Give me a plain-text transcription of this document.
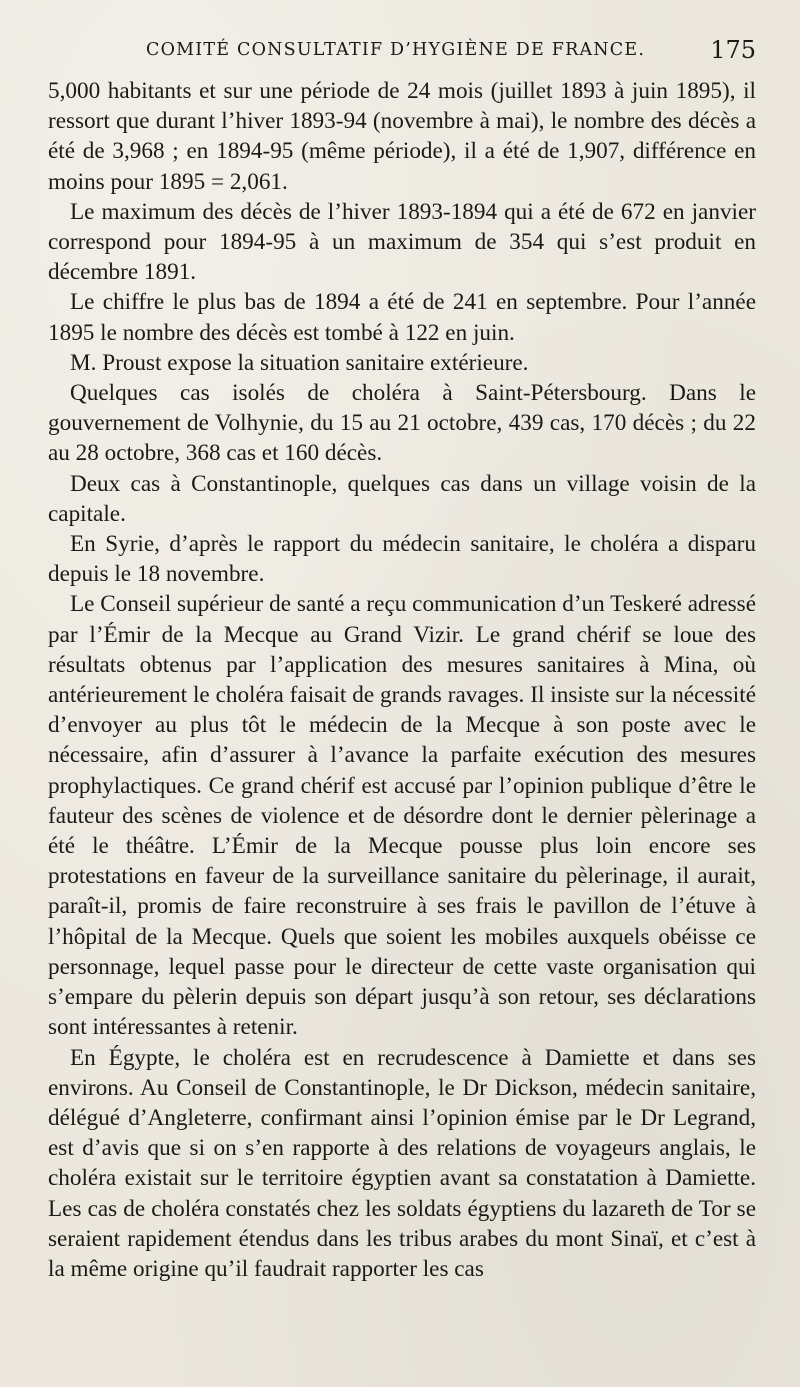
COMITÉ CONSULTATIF D’HYGIÈNE DE FRANCE.	175

5,000 habitants et sur une période de 24 mois (juillet 1893 à juin 1895), il ressort que durant l’hiver 1893-94 (novembre à mai), le nombre des décès a été de 3,968 ; en 1894-95 (même période), il a été de 1,907, différence en moins pour 1895 = 2,061.

Le maximum des décès de l’hiver 1893-1894 qui a été de 672 en janvier correspond pour 1894-95 à un maximum de 354 qui s’est produit en décembre 1891.

Le chiffre le plus bas de 1894 a été de 241 en septembre. Pour l’année 1895 le nombre des décès est tombé à 122 en juin.

M. Proust expose la situation sanitaire extérieure.

Quelques cas isolés de choléra à Saint-Pétersbourg. Dans le gouvernement de Volhynie, du 15 au 21 octobre, 439 cas, 170 décès ; du 22 au 28 octobre, 368 cas et 160 décès.

Deux cas à Constantinople, quelques cas dans un village voisin de la capitale.

En Syrie, d’après le rapport du médecin sanitaire, le choléra a disparu depuis le 18 novembre.

Le Conseil supérieur de santé a reçu communication d’un Teskeré adressé par l’Émir de la Mecque au Grand Vizir. Le grand chérif se loue des résultats obtenus par l’application des mesures sanitaires à Mina, où antérieurement le choléra faisait de grands ravages. Il insiste sur la nécessité d’envoyer au plus tôt le médecin de la Mecque à son poste avec le nécessaire, afin d’assurer à l’avance la parfaite exécution des mesures prophylactiques. Ce grand chérif est accusé par l’opinion publique d’être le fauteur des scènes de violence et de désordre dont le dernier pèlerinage a été le théâtre. L’Émir de la Mecque pousse plus loin encore ses protestations en faveur de la surveillance sanitaire du pèlerinage, il aurait, paraît-il, promis de faire reconstruire à ses frais le pavillon de l’étuve à l’hôpital de la Mecque. Quels que soient les mobiles auxquels obéisse ce personnage, lequel passe pour le directeur de cette vaste organisation qui s’empare du pèlerin depuis son départ jusqu’à son retour, ses déclarations sont intéressantes à retenir.

En Égypte, le choléra est en recrudescence à Damiette et dans ses environs. Au Conseil de Constantinople, le Dr Dickson, médecin sanitaire, délégué d’Angleterre, confirmant ainsi l’opinion émise par le Dr Legrand, est d’avis que si on s’en rapporte à des relations de voyageurs anglais, le choléra existait sur le territoire égyptien avant sa constatation à Damiette. Les cas de choléra constatés chez les soldats égyptiens du lazareth de Tor se seraient rapidement étendus dans les tribus arabes du mont Sinaï, et c’est à la même origine qu’il faudrait rapporter les cas
